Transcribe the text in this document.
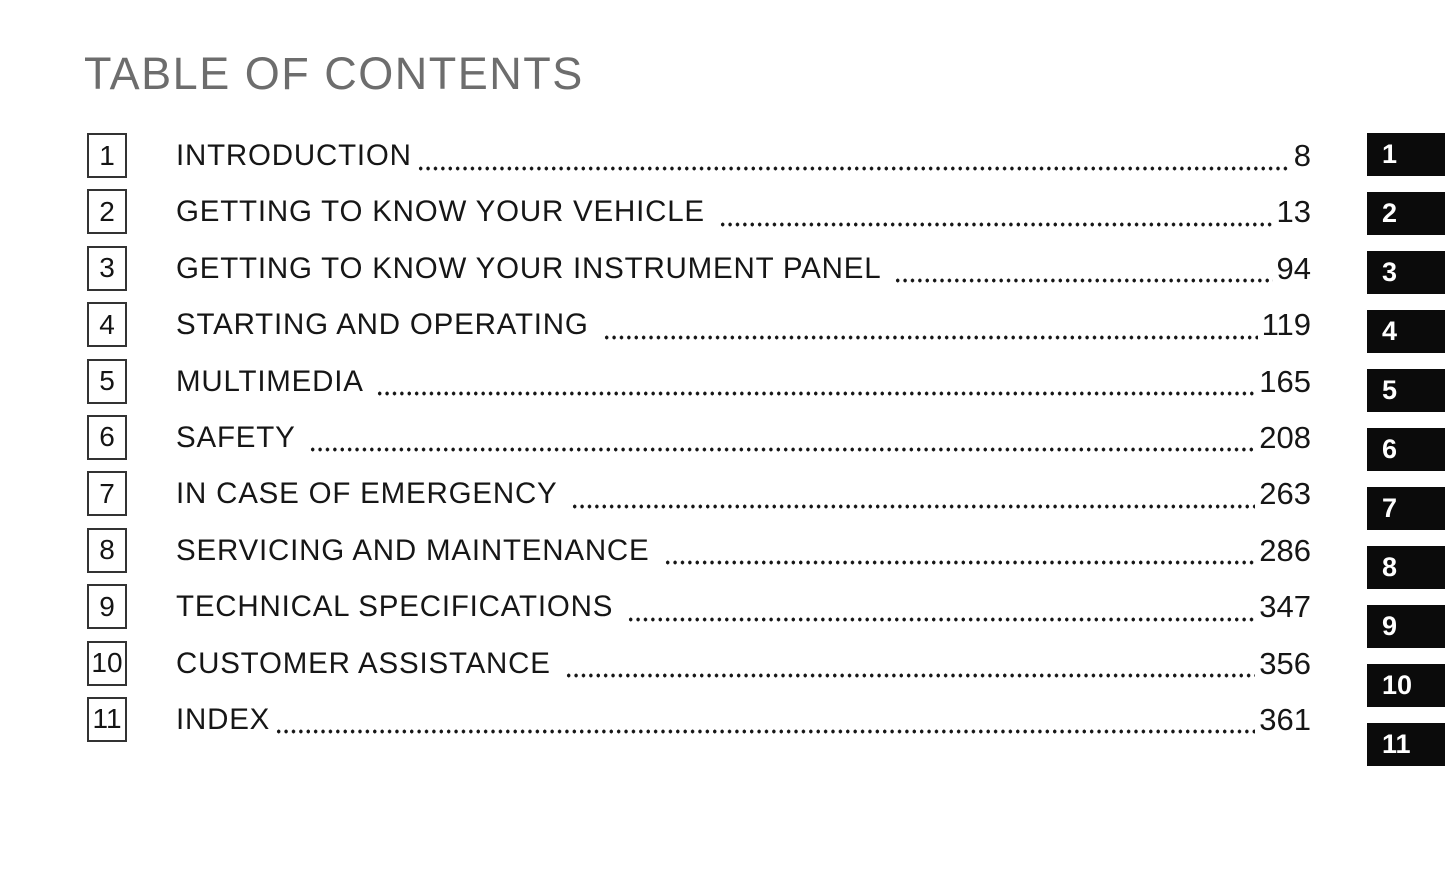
TABLE OF CONTENTS
1 INTRODUCTION	8
2 GETTING TO KNOW YOUR VEHICLE	13
3 GETTING TO KNOW YOUR INSTRUMENT PANEL	94
4 STARTING AND OPERATING	119
5 MULTIMEDIA	165
6 SAFETY	208
7 IN CASE OF EMERGENCY	263
8 SERVICING AND MAINTENANCE	286
9 TECHNICAL SPECIFICATIONS	347
10 CUSTOMER ASSISTANCE	356
11 INDEX	361
1
2
3
4
5
6
7
8
9
10
11
